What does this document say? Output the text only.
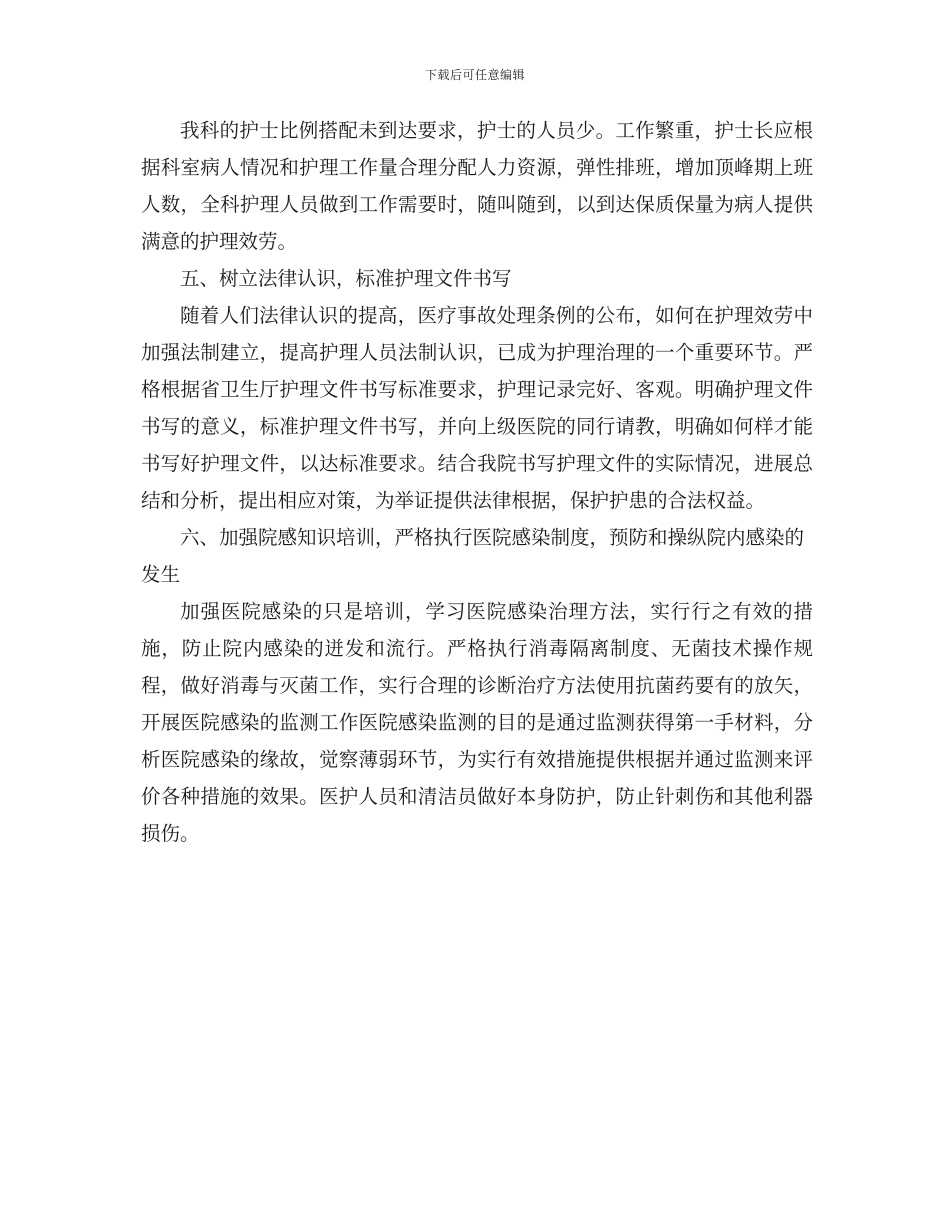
下载后可任意编辑

我科的护士比例搭配未到达要求，护士的人员少。工作繁重，护士长应根据科室病人情况和护理工作量合理分配人力资源，弹性排班，增加顶峰期上班人数，全科护理人员做到工作需要时，随叫随到，以到达保质保量为病人提供满意的护理效劳。

五、树立法律认识，标准护理文件书写

随着人们法律认识的提高，医疗事故处理条例的公布，如何在护理效劳中加强法制建立，提高护理人员法制认识，已成为护理治理的一个重要环节。严格根据省卫生厅护理文件书写标准要求，护理记录完好、客观。明确护理文件书写的意义，标准护理文件书写，并向上级医院的同行请教，明确如何样才能书写好护理文件，以达标准要求。结合我院书写护理文件的实际情况，进展总结和分析，提出相应对策，为举证提供法律根据，保护护患的合法权益。

六、加强院感知识培训，严格执行医院感染制度，预防和操纵院内感染的发生

加强医院感染的只是培训，学习医院感染治理方法，实行行之有效的措施，防止院内感染的迸发和流行。严格执行消毒隔离制度、无菌技术操作规程，做好消毒与灭菌工作，实行合理的诊断治疗方法使用抗菌药要有的放矢，开展医院感染的监测工作医院感染监测的目的是通过监测获得第一手材料，分析医院感染的缘故，觉察薄弱环节，为实行有效措施提供根据并通过监测来评价各种措施的效果。医护人员和清洁员做好本身防护，防止针刺伤和其他利器损伤。
